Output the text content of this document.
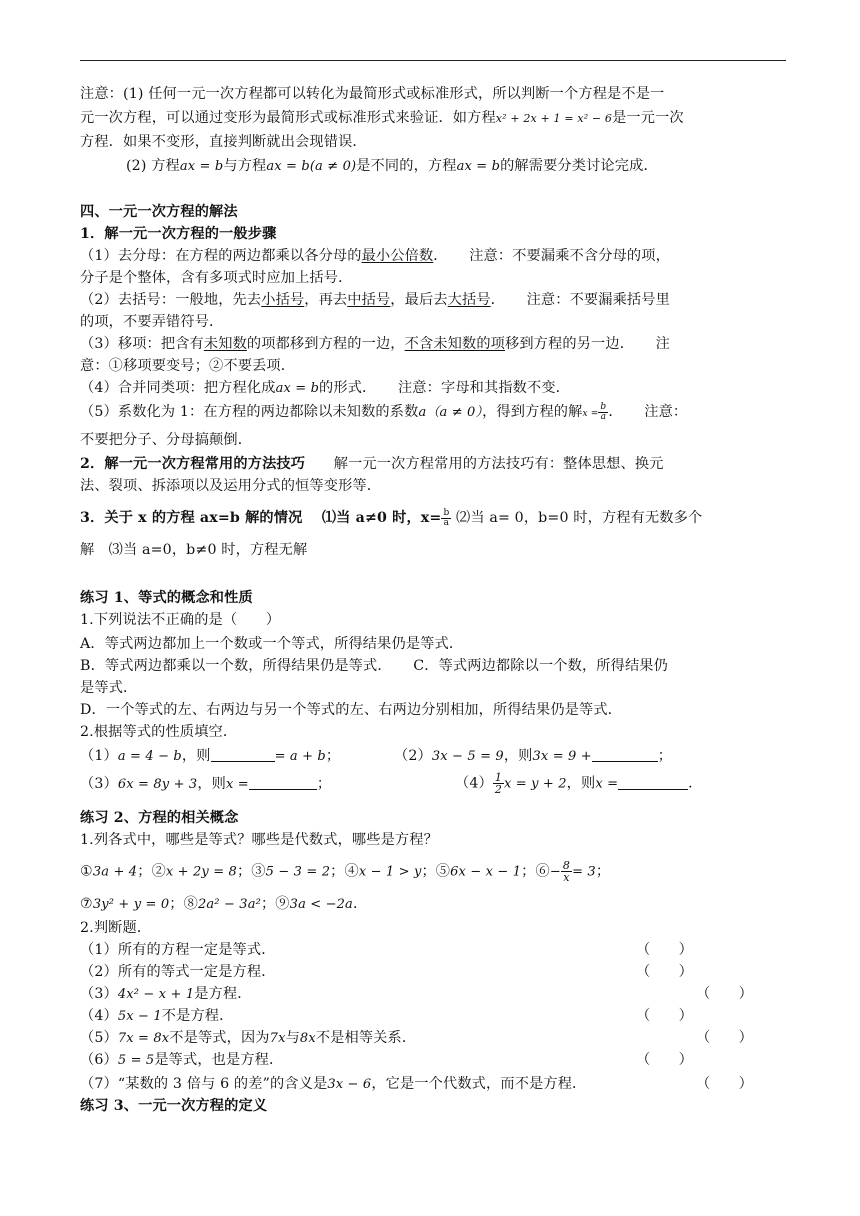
注意：(1) 任何一元一次方程都可以转化为最简形式或标准形式，所以判断一个方程是不是一
元一次方程，可以通过变形为最简形式或标准形式来验证．如方程x² + 2x + 1 = x² − 6是一元一次
方程．如果不变形，直接判断就出会现错误．
(2) 方程ax = b与方程ax = b(a ≠ 0)是不同的，方程ax = b的解需要分类讨论完成．
四、一元一次方程的解法
1．解一元一次方程的一般步骤
（1）去分母：在方程的两边都乘以各分母的最小公倍数．　　注意：不要漏乘不含分母的项，
分子是个整体，含有多项式时应加上括号．
（2）去括号：一般地，先去小括号，再去中括号，最后去大括号．　　注意：不要漏乘括号里
的项，不要弄错符号．
（3）移项：把含有未知数的项都移到方程的一边，不含未知数的项移到方程的另一边．　　注
意：①移项要变号；②不要丢项．
（4）合并同类项：把方程化成ax = b的形式．　　注意：字母和其指数不变．
（5）系数化为 1：在方程的两边都除以未知数的系数a（a ≠ 0），得到方程的解$x = \frac{b}{a}$ ．　　注意：
不要把分子、分母搞颠倒．
2．解一元一次方程常用的方法技巧　　解一元一次方程常用的方法技巧有：整体思想、换元
法、裂项、拆添项以及运用分式的恒等变形等．
3．关于 x 的方程 ax=b 解的情况　 ⑴当 a≠0 时，$x= \frac{b}{a}$ ⑵当 a= 0，b=0 时，方程有无数多个
解　⑶当 a=0，b≠0 时，方程无解
练习 1、等式的概念和性质
1.下列说法不正确的是（　　）
A．等式两边都加上一个数或一个等式，所得结果仍是等式．
B．等式两边都乘以一个数，所得结果仍是等式．　　C．等式两边都除以一个数，所得结果仍
是等式．
D．一个等式的左、右两边与另一个等式的左、右两边分别相加，所得结果仍是等式．
2.根据等式的性质填空．
（1）a = 4 − b，则	= a + b；	（2）3x − 5 = 9，则3x = 9 +	；
（3）6x = 8y + 3，则x =	；	$(4) \frac{1}{2}$ x = y + 2，则x =	．
练习 2、方程的相关概念
1.列各式中，哪些是等式？哪些是代数式，哪些是方程？
①3a + 4；②x + 2y = 8；③5 − 3 = 2；④x − 1 > y；⑤6x − x − 1；⑥− $\frac{8}{x} = 3$；
⑦3y² + y = 0；⑧2a² − 3a²；⑨3a < −2a．
2.判断题．
（1）所有的方程一定是等式．	（　　）
（2）所有的等式一定是方程．	（　　）
（3）4x² − x + 1是方程．	（　　）
（4）5x − 1不是方程．	（　　）
（5）7x = 8x不是等式，因为7x与8x不是相等关系．	（　　）
（6）5 = 5是等式，也是方程．	（　　）
（7）“某数的 3 倍与 6 的差”的含义是3x − 6，它是一个代数式，而不是方程．	（　　）
练习 3、一元一次方程的定义
